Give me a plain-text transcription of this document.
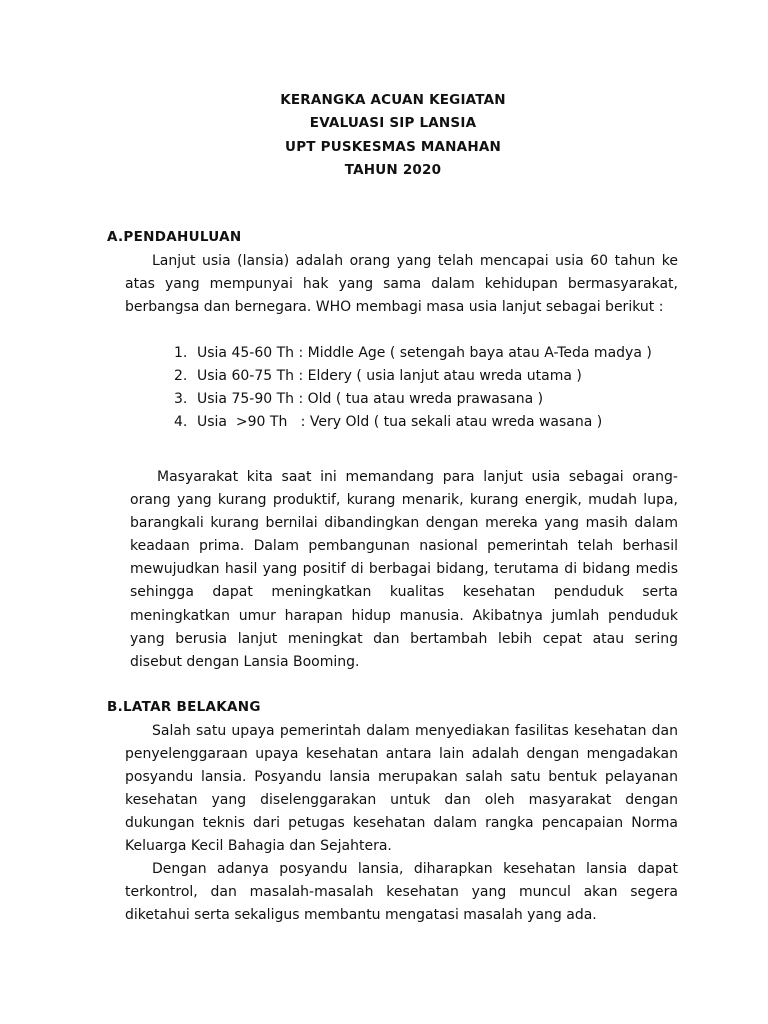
KERANGKA ACUAN KEGIATAN
EVALUASI SIP LANSIA
UPT PUSKESMAS MANAHAN
TAHUN 2020
A.PENDAHULUAN

Lanjut usia (lansia) adalah orang yang telah mencapai usia 60 tahun ke atas yang mempunyai hak yang sama dalam kehidupan bermasyarakat, berbangsa dan bernegara. WHO membagi masa usia lanjut sebagai berikut :

1. Usia 45-60 Th : Middle Age ( setengah baya atau A-Teda madya )
2. Usia 60-75 Th : Eldery ( usia lanjut atau wreda utama )
3. Usia 75-90 Th : Old ( tua atau wreda prawasana )
4. Usia  >90 Th   : Very Old ( tua sekali atau wreda wasana )

Masyarakat kita saat ini memandang para lanjut usia sebagai orang-orang yang kurang produktif, kurang menarik, kurang energik, mudah lupa, barangkali kurang bernilai dibandingkan dengan mereka yang masih dalam keadaan prima. Dalam pembangunan nasional pemerintah telah berhasil mewujudkan hasil yang positif di berbagai bidang, terutama di bidang medis sehingga dapat meningkatkan kualitas kesehatan penduduk serta meningkatkan umur harapan hidup manusia. Akibatnya jumlah penduduk yang berusia lanjut meningkat dan bertambah lebih cepat atau sering disebut dengan Lansia Booming.

B.LATAR BELAKANG

Salah satu upaya pemerintah dalam menyediakan fasilitas kesehatan dan penyelenggaraan upaya kesehatan antara lain adalah dengan mengadakan posyandu lansia. Posyandu lansia merupakan salah satu bentuk pelayanan kesehatan yang diselenggarakan untuk dan oleh masyarakat dengan dukungan teknis dari petugas kesehatan dalam rangka pencapaian Norma Keluarga Kecil Bahagia dan Sejahtera.

Dengan adanya posyandu lansia, diharapkan kesehatan lansia dapat terkontrol, dan masalah-masalah kesehatan yang muncul akan segera diketahui serta sekaligus membantu mengatasi masalah yang ada.
